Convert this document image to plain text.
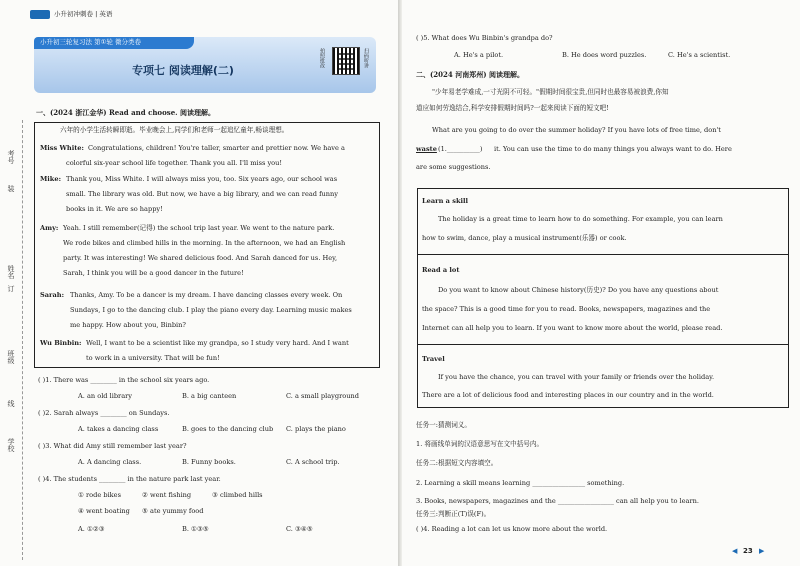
小升初冲刺卷 | 英语
小升初三轮复习法 第①轮 微分类卷
专项七 阅读理解(二)
拍照批改	扫码听讲
考号
装
姓名
订
班级
线
学校
一、(2024 浙江金华) Read and choose. 阅读理解。
六年的小学生活转瞬即逝。毕业晚会上,同学们和老师一起追忆童年,畅谈理想。
Miss White: Congratulations, children! You're taller, smarter and prettier now. We have a
colorful six-year school life together. Thank you all. I'll miss you!
Mike: Thank you, Miss White. I will always miss you, too. Six years ago, our school was
small. The library was old. But now, we have a big library, and we can read funny
books in it. We are so happy!
Amy: Yeah. I still remember(记得) the school trip last year. We went to the nature park.
We rode bikes and climbed hills in the morning. In the afternoon, we had an English
party. It was interesting! We shared delicious food. And Sarah danced for us. Hey,
Sarah, I think you will be a good dancer in the future!
Sarah: Thanks, Amy. To be a dancer is my dream. I have dancing classes every week. On
Sundays, I go to the dancing club. I play the piano every day. Learning music makes
me happy. How about you, Binbin?
Wu Binbin: Well, I want to be a scientist like my grandpa, so I study very hard. And I want
to work in a university. That will be fun!
( )1. There was ________ in the school six years ago.
A. an old library	B. a big canteen	C. a small playground
( )2. Sarah always ________ on Sundays.
A. takes a dancing class	B. goes to the dancing club C. plays the piano
( )3. What did Amy still remember last year?
A. A dancing class.	B. Funny books.	C. A school trip.
( )4. The students ________ in the nature park last year.
① rode bikes	② went fishing	③ climbed hills
④ went boating ⑤ ate yummy food
A. ①②③	B. ①③⑤	C. ③④⑤
( )5. What does Wu Binbin's grandpa do?
A. He's a pilot.	B. He does word puzzles.	C. He's a scientist.
二、(2024 河南郑州) 阅读理解。
"少年易老学难成,一寸光阴不可轻。"假期时间很宝贵,但同时也最容易被浪费,你知
道应如何劳逸结合,科学安排假期时间吗?一起来阅读下面的短文吧!
What are you going to do over the summer holiday? If you have lots of free time, don't
waste (1.__________) it. You can use the time to do many things you always want to do. Here
are some suggestions.
Learn a skill
The holiday is a great time to learn how to do something. For example, you can learn
how to swim, dance, play a musical instrument(乐器) or cook.
Read a lot
Do you want to know about Chinese history(历史)? Do you have any questions about
the space? This is a good time for you to read. Books, newspapers, magazines and the
Internet can all help you to learn. If you want to know more about the world, please read.
Travel
If you have the chance, you can travel with your family or friends over the holiday.
There are a lot of delicious food and interesting places in our country and in the world.
任务一:猜测词义。
1. 将画线单词的汉语意思写在文中括号内。
任务二:根据短文内容填空。
2. Learning a skill means learning ________________ something.
3. Books, newspapers, magazines and the _________________ can all help you to learn.
任务三:判断正(T)误(F)。
( )4. Reading a lot can let us know more about the world.
◀ 23 ▶
